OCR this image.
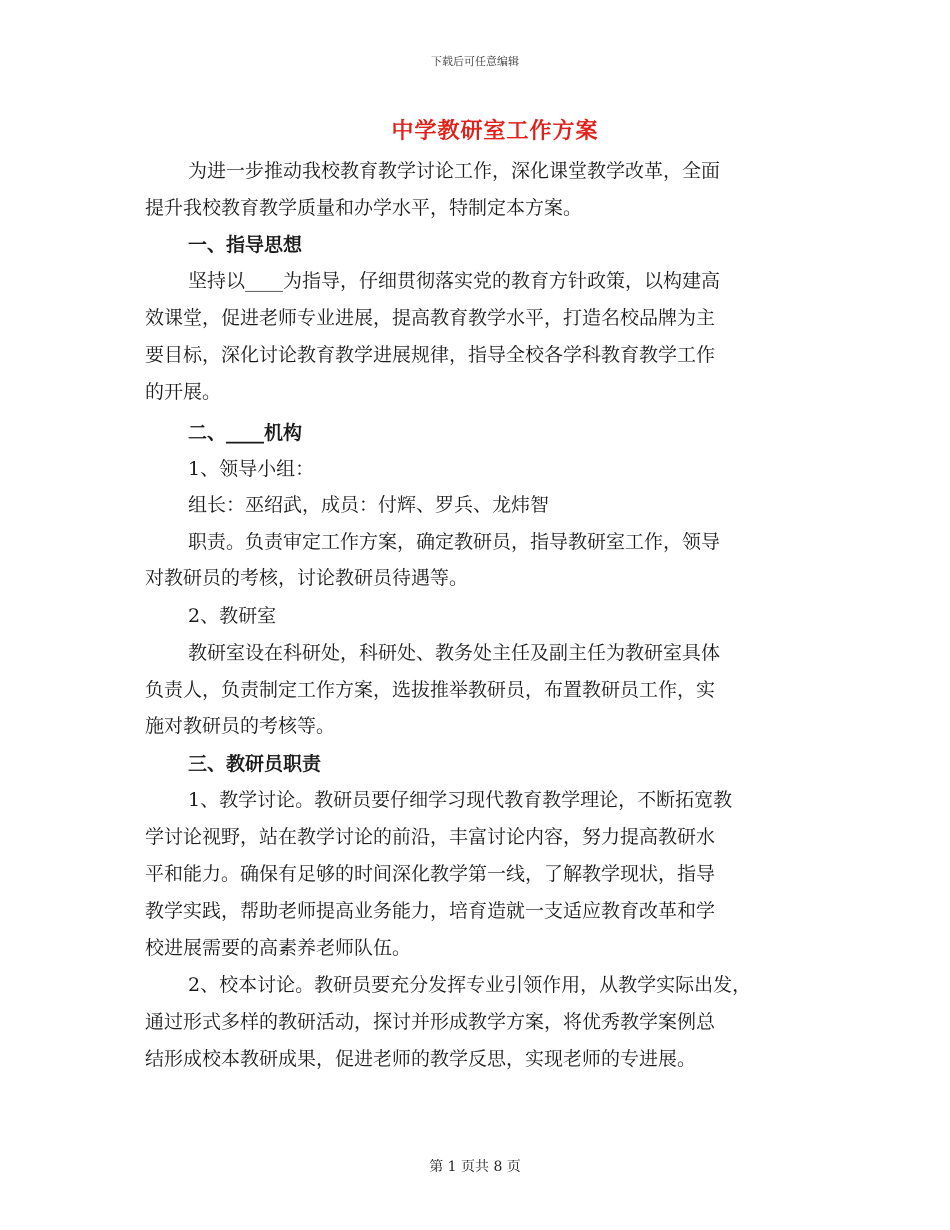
下载后可任意编辑
中学教研室工作方案
为进一步推动我校教育教学讨论工作，深化课堂教学改革，全面
提升我校教育教学质量和办学水平，特制定本方案。
一、指导思想
坚持以____为指导，仔细贯彻落实党的教育方针政策，以构建高
效课堂，促进老师专业进展，提高教育教学水平，打造名校品牌为主
要目标，深化讨论教育教学进展规律，指导全校各学科教育教学工作
的开展。
二、____机构
1、领导小组：
组长：巫绍武，成员：付辉、罗兵、龙炜智
职责。负责审定工作方案，确定教研员，指导教研室工作，领导
对教研员的考核，讨论教研员待遇等。
2、教研室
教研室设在科研处，科研处、教务处主任及副主任为教研室具体
负责人，负责制定工作方案，选拔推举教研员，布置教研员工作，实
施对教研员的考核等。
三、教研员职责
1、教学讨论。教研员要仔细学习现代教育教学理论，不断拓宽教
学讨论视野，站在教学讨论的前沿，丰富讨论内容，努力提高教研水
平和能力。确保有足够的时间深化教学第一线，了解教学现状，指导
教学实践，帮助老师提高业务能力，培育造就一支适应教育改革和学
校进展需要的高素养老师队伍。
2、校本讨论。教研员要充分发挥专业引领作用，从教学实际出发，
通过形式多样的教研活动，探讨并形成教学方案，将优秀教学案例总
结形成校本教研成果，促进老师的教学反思，实现老师的专进展。
第 1 页共 8 页
